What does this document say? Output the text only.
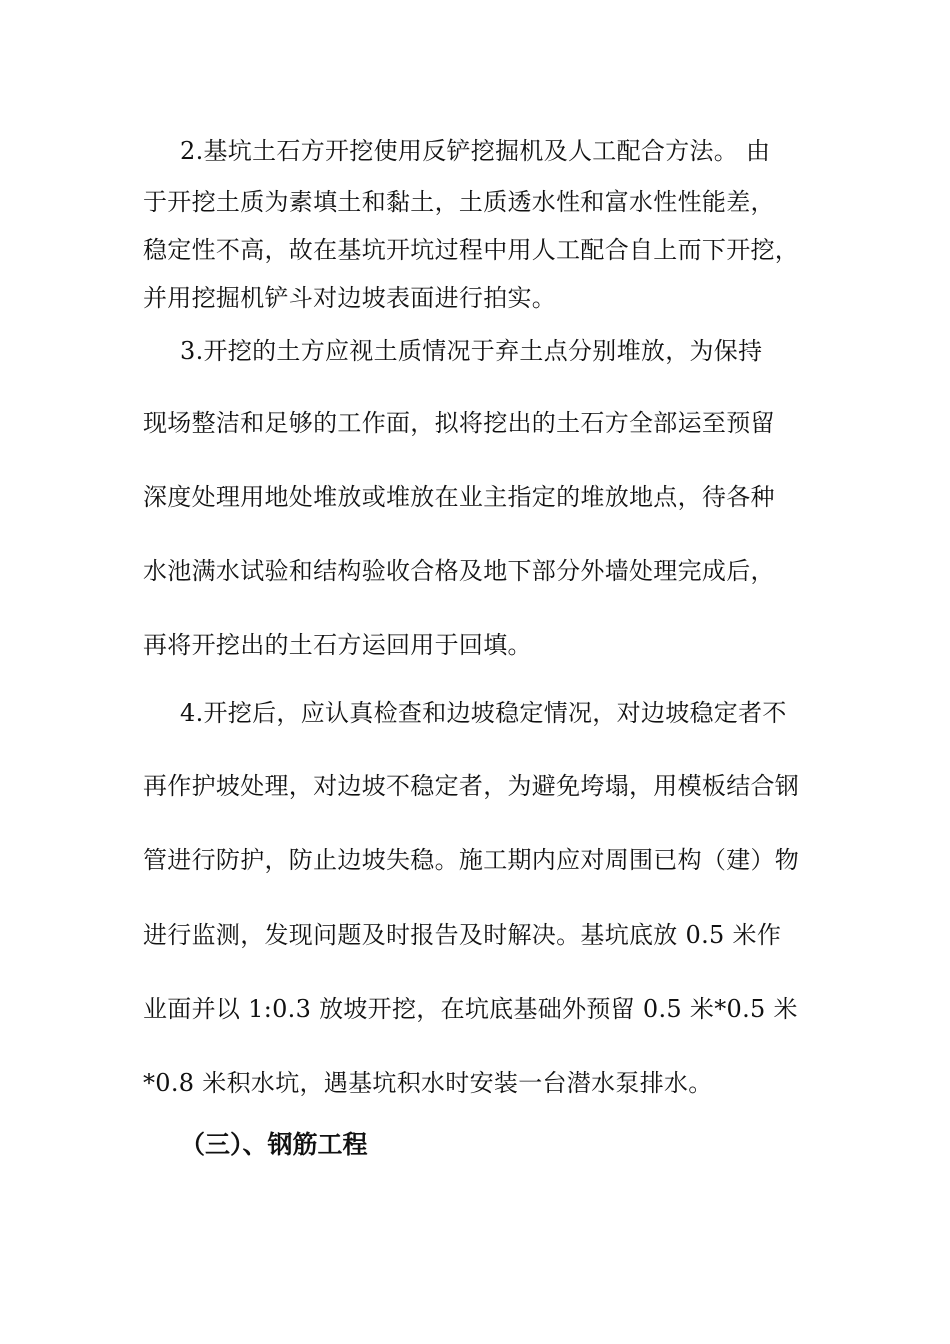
2.基坑土石方开挖使用反铲挖掘机及人工配合方法。 由
于开挖土质为素填土和黏土，土质透水性和富水性性能差，
稳定性不高，故在基坑开坑过程中用人工配合自上而下开挖，
并用挖掘机铲斗对边坡表面进行拍实。
3.开挖的土方应视土质情况于弃土点分别堆放，为保持
现场整洁和足够的工作面，拟将挖出的土石方全部运至预留
深度处理用地处堆放或堆放在业主指定的堆放地点，待各种
水池满水试验和结构验收合格及地下部分外墙处理完成后，
再将开挖出的土石方运回用于回填。
4.开挖后，应认真检查和边坡稳定情况，对边坡稳定者不
再作护坡处理，对边坡不稳定者，为避免垮塌，用模板结合钢
管进行防护，防止边坡失稳。施工期内应对周围已构（建）物
进行监测，发现问题及时报告及时解决。基坑底放 0.5 米作
业面并以 1:0.3 放坡开挖，在坑底基础外预留 0.5 米*0.5 米
*0.8 米积水坑，遇基坑积水时安装一台潜水泵排水。
（三）、钢筋工程
